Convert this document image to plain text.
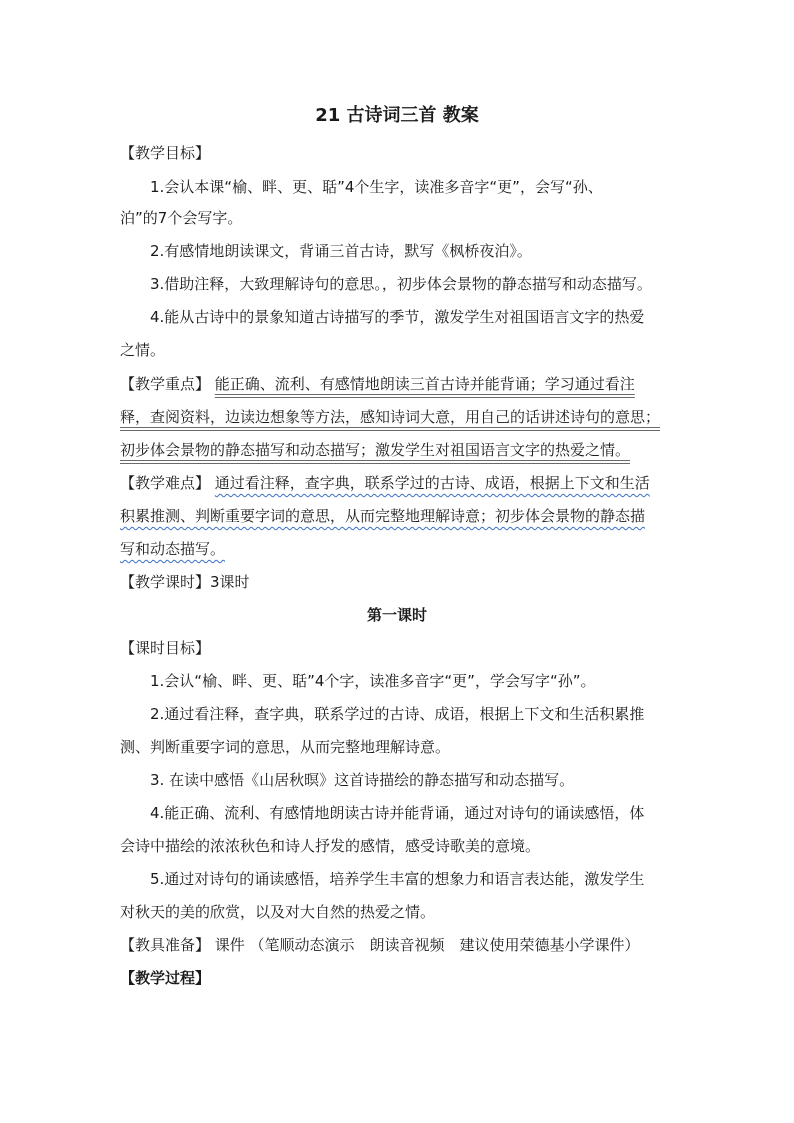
21 古诗词三首 教案
【教学目标】
1.会认本课“榆、畔、更、聒”4个生字，读准多音字“更”，会写“孙、
泊”的7个会写字。
2.有感情地朗读课文，背诵三首古诗，默写《枫桥夜泊》。
3.借助注释，大致理解诗句的意思。，初步体会景物的静态描写和动态描写。
4.能从古诗中的景象知道古诗描写的季节，激发学生对祖国语言文字的热爱
之情。
【教学重点】 能正确、流利、有感情地朗读三首古诗并能背诵；学习通过看注
释，查阅资料，边读边想象等方法，感知诗词大意，用自己的话讲述诗句的意思；
初步体会景物的静态描写和动态描写；激发学生对祖国语言文字的热爱之情。
【教学难点】 通过看注释，查字典，联系学过的古诗、成语，根据上下文和生活
积累推测、判断重要字词的意思，从而完整地理解诗意；初步体会景物的静态描
写和动态描写。
【教学课时】3课时
第一课时
【课时目标】
1.会认“榆、畔、更、聒”4个字，读准多音字“更”，学会写字“孙”。
2.通过看注释，查字典，联系学过的古诗、成语，根据上下文和生活积累推
测、判断重要字词的意思，从而完整地理解诗意。
3. 在读中感悟《山居秋暝》这首诗描绘的静态描写和动态描写。
4.能正确、流利、有感情地朗读古诗并能背诵，通过对诗句的诵读感悟，体
会诗中描绘的浓浓秋色和诗人抒发的感情，感受诗歌美的意境。
5.通过对诗句的诵读感悟，培养学生丰富的想象力和语言表达能，激发学生
对秋天的美的欣赏，以及对大自然的热爱之情。
【教具准备】 课件 （笔顺动态演示　朗读音视频　建议使用荣德基小学课件）
【教学过程】
